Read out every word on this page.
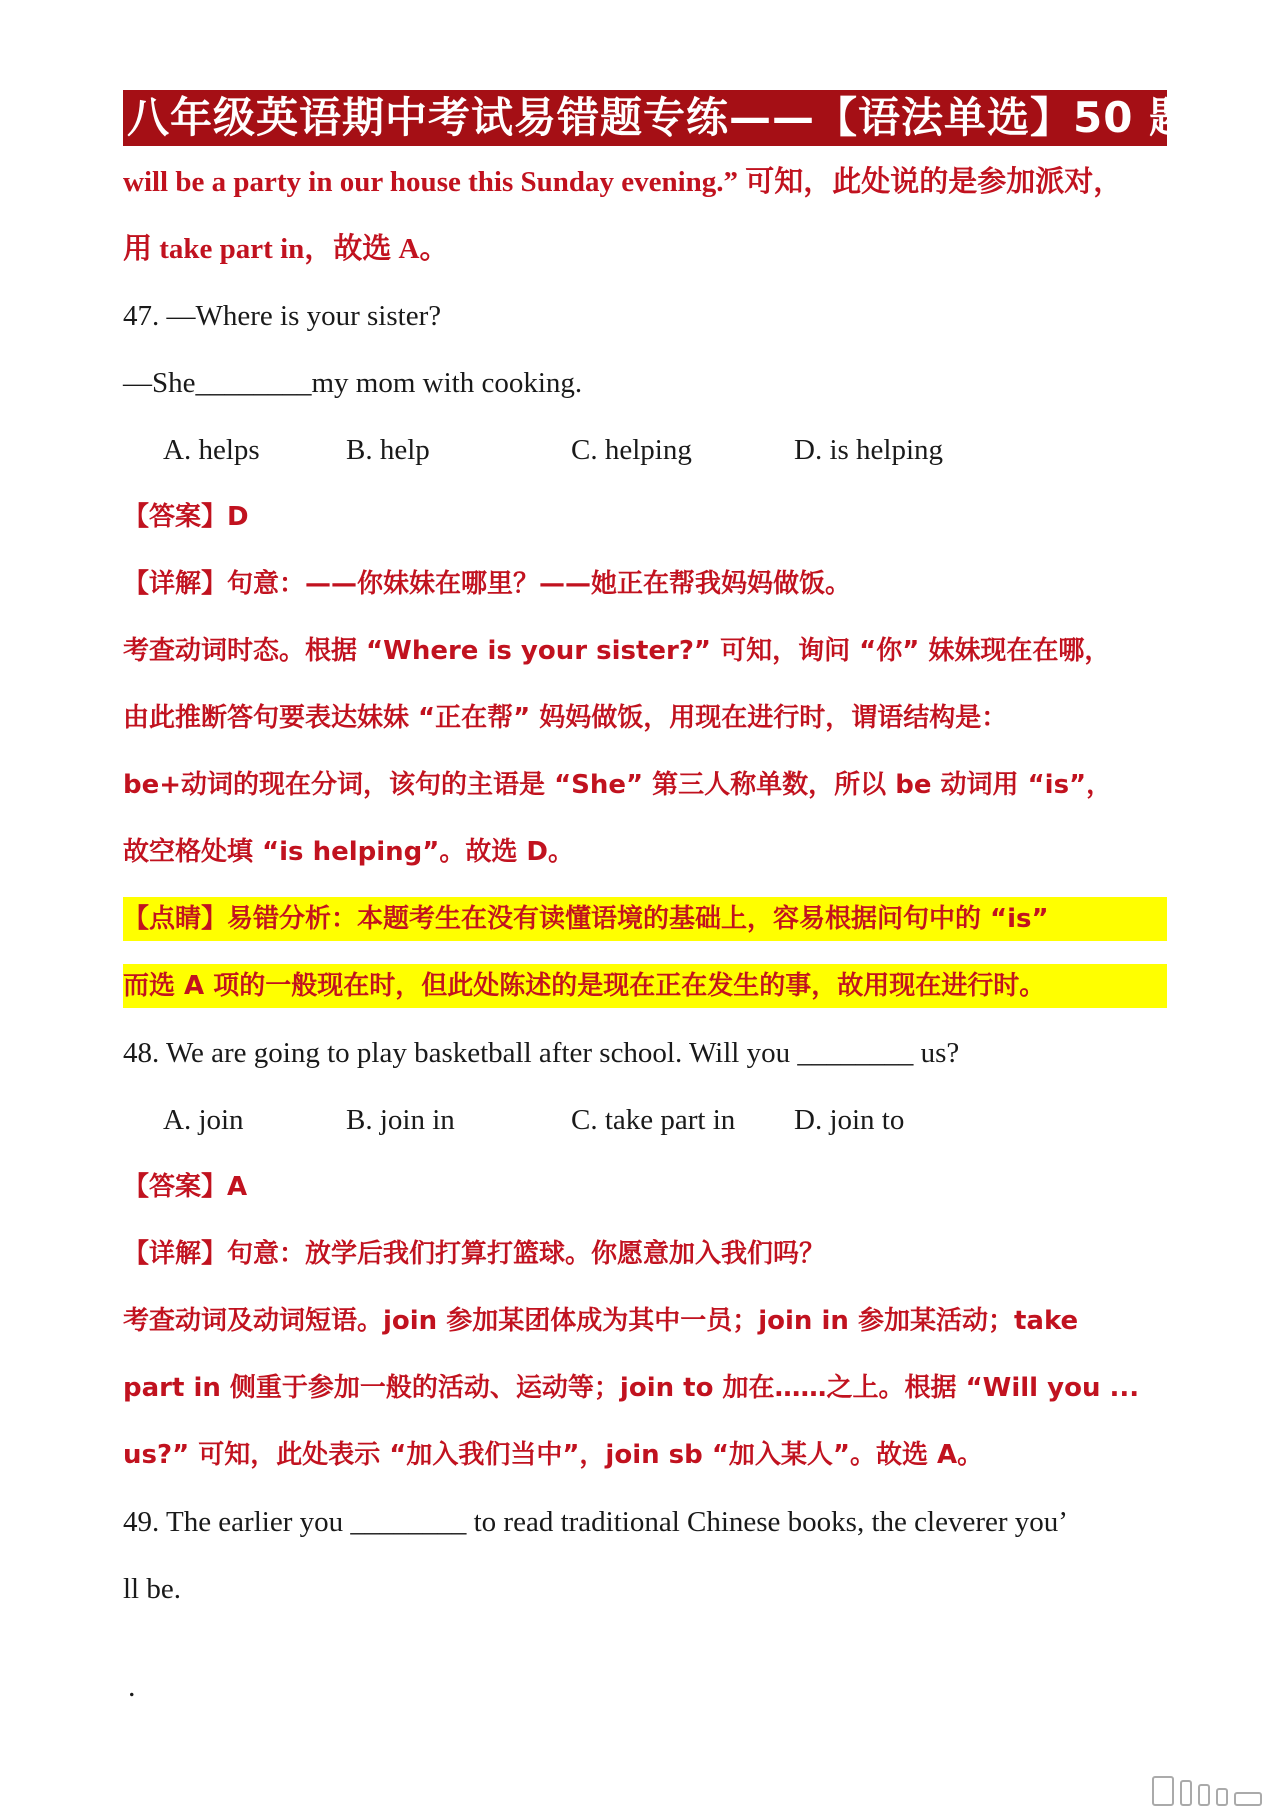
八年级英语期中考试易错题专练——【语法单选】50 题
will be a party in our house this Sunday evening.” 可知，此处说的是参加派对，
用 take part in，故选 A。
47. —Where is your sister?
—She________my mom with cooking.
A. helps	B. help	C. helping	D. is helping
【答案】D
【详解】句意：——你妹妹在哪里？——她正在帮我妈妈做饭。
考查动词时态。根据 “Where is your sister?” 可知，询问 “你” 妹妹现在在哪，
由此推断答句要表达妹妹 “正在帮” 妈妈做饭，用现在进行时，谓语结构是：
be+动词的现在分词，该句的主语是 “She” 第三人称单数，所以 be 动词用 “is”，
故空格处填 “is helping”。故选 D。
【点睛】易错分析：本题考生在没有读懂语境的基础上，容易根据问句中的 “is”
而选 A 项的一般现在时，但此处陈述的是现在正在发生的事，故用现在进行时。
48. We are going to play basketball after school. Will you ________ us?
A. join	B. join in	C. take part in D. join to
【答案】A
【详解】句意：放学后我们打算打篮球。你愿意加入我们吗？
考查动词及动词短语。join 参加某团体成为其中一员；join in 参加某活动；take
part in 侧重于参加一般的活动、运动等；join to 加在……之上。根据 “Will you ...
us?” 可知，此处表示 “加入我们当中”，join sb “加入某人”。故选 A。
49. The earlier you ________ to read traditional Chinese books, the cleverer you’
ll be.
.
